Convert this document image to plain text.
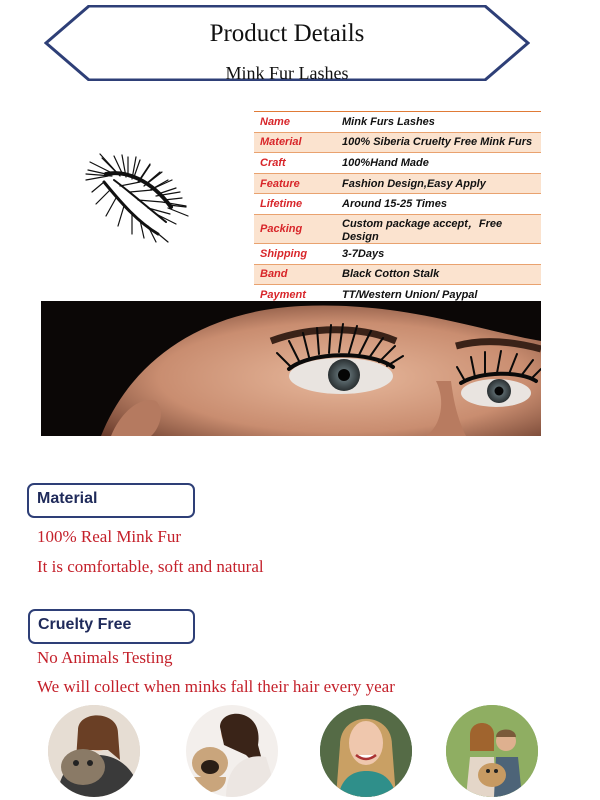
Product Details
Mink Fur Lashes
Name	Mink Furs Lashes
Material	100% Siberia Cruelty Free Mink Furs
Craft	100%Hand Made
Feature	Fashion Design,Easy Apply
Lifetime	Around 15-25 Times
Packing	Custom package accept，Free Design
Shipping	3-7Days
Band	Black Cotton Stalk
Payment	TT/Western Union/ Paypal
Material
100% Real Mink Fur
It is comfortable, soft and natural
Cruelty Free
No Animals Testing
We will collect when minks fall their hair every year
